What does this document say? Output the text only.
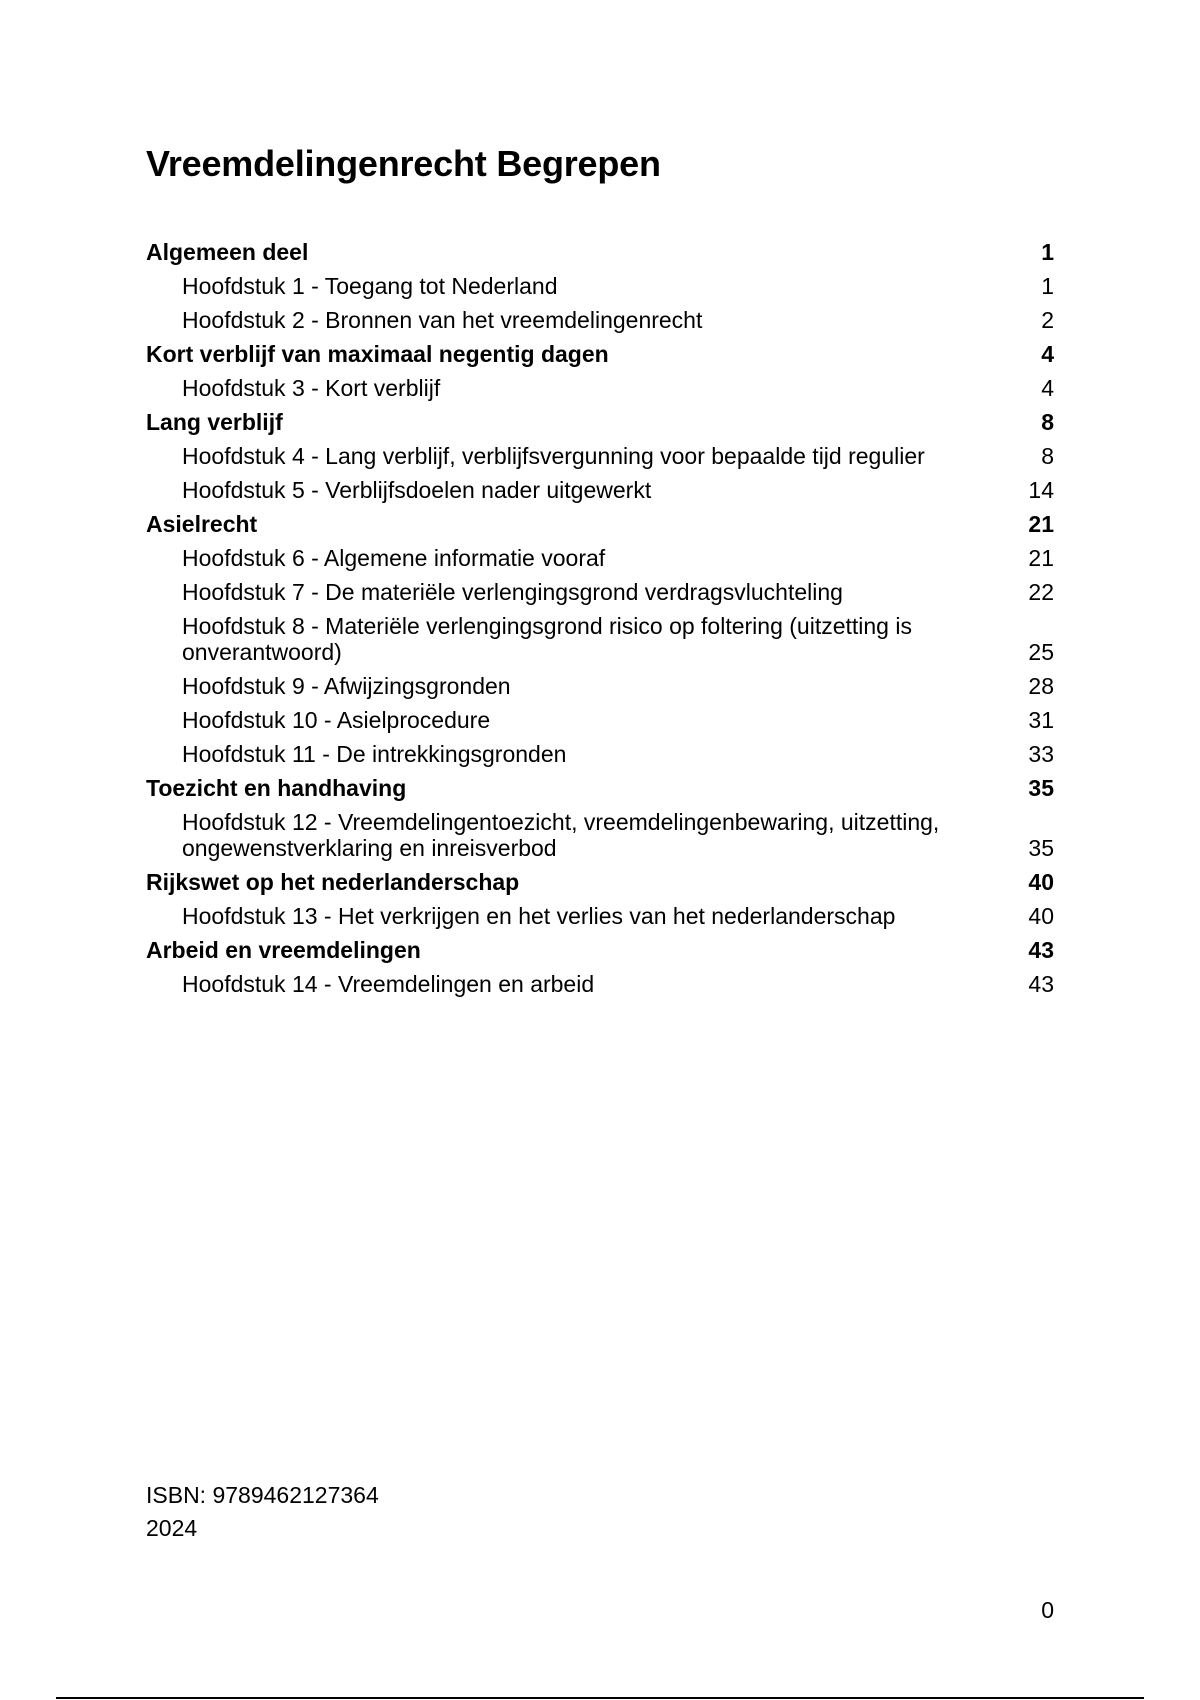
Vreemdelingenrecht Begrepen
Algemeen deel	1
Hoofdstuk 1 - Toegang tot Nederland	1
Hoofdstuk 2 - Bronnen van het vreemdelingenrecht	2
Kort verblijf van maximaal negentig dagen	4
Hoofdstuk 3 - Kort verblijf	4
Lang verblijf	8
Hoofdstuk 4 - Lang verblijf, verblijfsvergunning voor bepaalde tijd regulier	8
Hoofdstuk 5 - Verblijfsdoelen nader uitgewerkt	14
Asielrecht	21
Hoofdstuk 6 - Algemene informatie vooraf	21
Hoofdstuk 7 - De materiële verlengingsgrond verdragsvluchteling	22
Hoofdstuk 8 - Materiële verlengingsgrond risico op foltering (uitzetting is onverantwoord)	25
Hoofdstuk 9 - Afwijzingsgronden	28
Hoofdstuk 10 - Asielprocedure	31
Hoofdstuk 11 - De intrekkingsgronden	33
Toezicht en handhaving	35
Hoofdstuk 12 - Vreemdelingentoezicht, vreemdelingenbewaring, uitzetting, ongewenstverklaring en inreisverbod	35
Rijkswet op het nederlanderschap	40
Hoofdstuk 13 - Het verkrijgen en het verlies van het nederlanderschap	40
Arbeid en vreemdelingen	43
Hoofdstuk 14 - Vreemdelingen en arbeid	43
ISBN: 9789462127364
2024
0
